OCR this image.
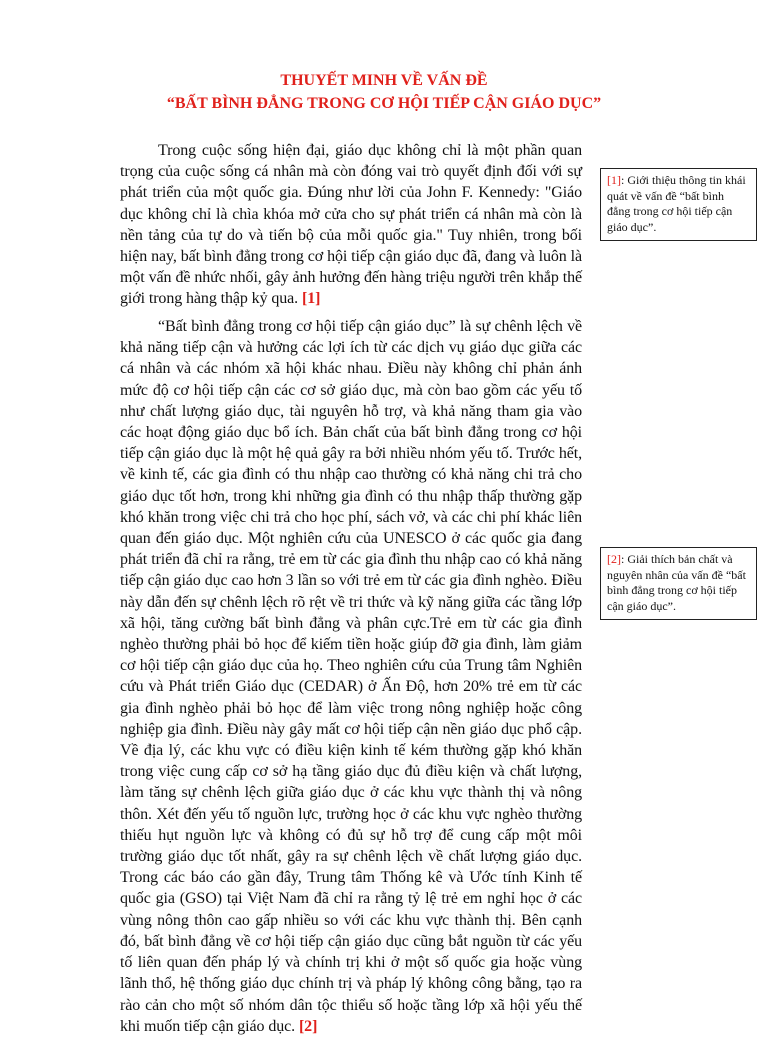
THUYẾT MINH VỀ VẤN ĐỀ
“BẤT BÌNH ĐẲNG TRONG CƠ HỘI TIẾP CẬN GIÁO DỤC”

Trong cuộc sống hiện đại, giáo dục không chỉ là một phần quan trọng của cuộc sống cá nhân mà còn đóng vai trò quyết định đối với sự phát triển của một quốc gia. Đúng như lời của John F. Kennedy: "Giáo dục không chỉ là chìa khóa mở cửa cho sự phát triển cá nhân mà còn là nền tảng của tự do và tiến bộ của mỗi quốc gia." Tuy nhiên, trong bối hiện nay, bất bình đẳng trong cơ hội tiếp cận giáo dục đã, đang và luôn là một vấn đề nhức nhối, gây ảnh hưởng đến hàng triệu người trên khắp thế giới trong hàng thập kỷ qua. [1]

“Bất bình đẳng trong cơ hội tiếp cận giáo dục” là sự chênh lệch về khả năng tiếp cận và hưởng các lợi ích từ các dịch vụ giáo dục giữa các cá nhân và các nhóm xã hội khác nhau. Điều này không chỉ phản ánh mức độ cơ hội tiếp cận các cơ sở giáo dục, mà còn bao gồm các yếu tố như chất lượng giáo dục, tài nguyên hỗ trợ, và khả năng tham gia vào các hoạt động giáo dục bổ ích. Bản chất của bất bình đẳng trong cơ hội tiếp cận giáo dục là một hệ quả gây ra bởi nhiều nhóm yếu tố. Trước hết, về kinh tế, các gia đình có thu nhập cao thường có khả năng chi trả cho giáo dục tốt hơn, trong khi những gia đình có thu nhập thấp thường gặp khó khăn trong việc chi trả cho học phí, sách vở, và các chi phí khác liên quan đến giáo dục. Một nghiên cứu của UNESCO ở các quốc gia đang phát triển đã chỉ ra rằng, trẻ em từ các gia đình thu nhập cao có khả năng tiếp cận giáo dục cao hơn 3 lần so với trẻ em từ các gia đình nghèo. Điều này dẫn đến sự chênh lệch rõ rệt về tri thức và kỹ năng giữa các tầng lớp xã hội, tăng cường bất bình đẳng và phân cực.Trẻ em từ các gia đình nghèo thường phải bỏ học để kiếm tiền hoặc giúp đỡ gia đình, làm giảm cơ hội tiếp cận giáo dục của họ. Theo nghiên cứu của Trung tâm Nghiên cứu và Phát triển Giáo dục (CEDAR) ở Ấn Độ, hơn 20% trẻ em từ các gia đình nghèo phải bỏ học để làm việc trong nông nghiệp hoặc công nghiệp gia đình. Điều này gây mất cơ hội tiếp cận nền giáo dục phổ cập. Về địa lý, các khu vực có điều kiện kinh tế kém thường gặp khó khăn trong việc cung cấp cơ sở hạ tầng giáo dục đủ điều kiện và chất lượng, làm tăng sự chênh lệch giữa giáo dục ở các khu vực thành thị và nông thôn. Xét đến yếu tố nguồn lực, trường học ở các khu vực nghèo thường thiếu hụt nguồn lực và không có đủ sự hỗ trợ để cung cấp một môi trường giáo dục tốt nhất, gây ra sự chênh lệch về chất lượng giáo dục. Trong các báo cáo gần đây, Trung tâm Thống kê và Ước tính Kinh tế quốc gia (GSO) tại Việt Nam đã chỉ ra rằng tỷ lệ trẻ em nghỉ học ở các vùng nông thôn cao gấp nhiều so với các khu vực thành thị. Bên cạnh đó, bất bình đẳng về cơ hội tiếp cận giáo dục cũng bắt nguồn từ các yếu tố liên quan đến pháp lý và chính trị khi ở một số quốc gia hoặc vùng lãnh thổ, hệ thống giáo dục chính trị và pháp lý không công bằng, tạo ra rào cản cho một số nhóm dân tộc thiểu số hoặc tầng lớp xã hội yếu thế khi muốn tiếp cận giáo dục. [2]

[1]: Giới thiệu thông tin khái quát về vấn đề “bất bình đẳng trong cơ hội tiếp cận giáo dục”.
[2]: Giải thích bản chất và nguyên nhân của vấn đề “bất bình đẳng trong cơ hội tiếp cận giáo dục”.
